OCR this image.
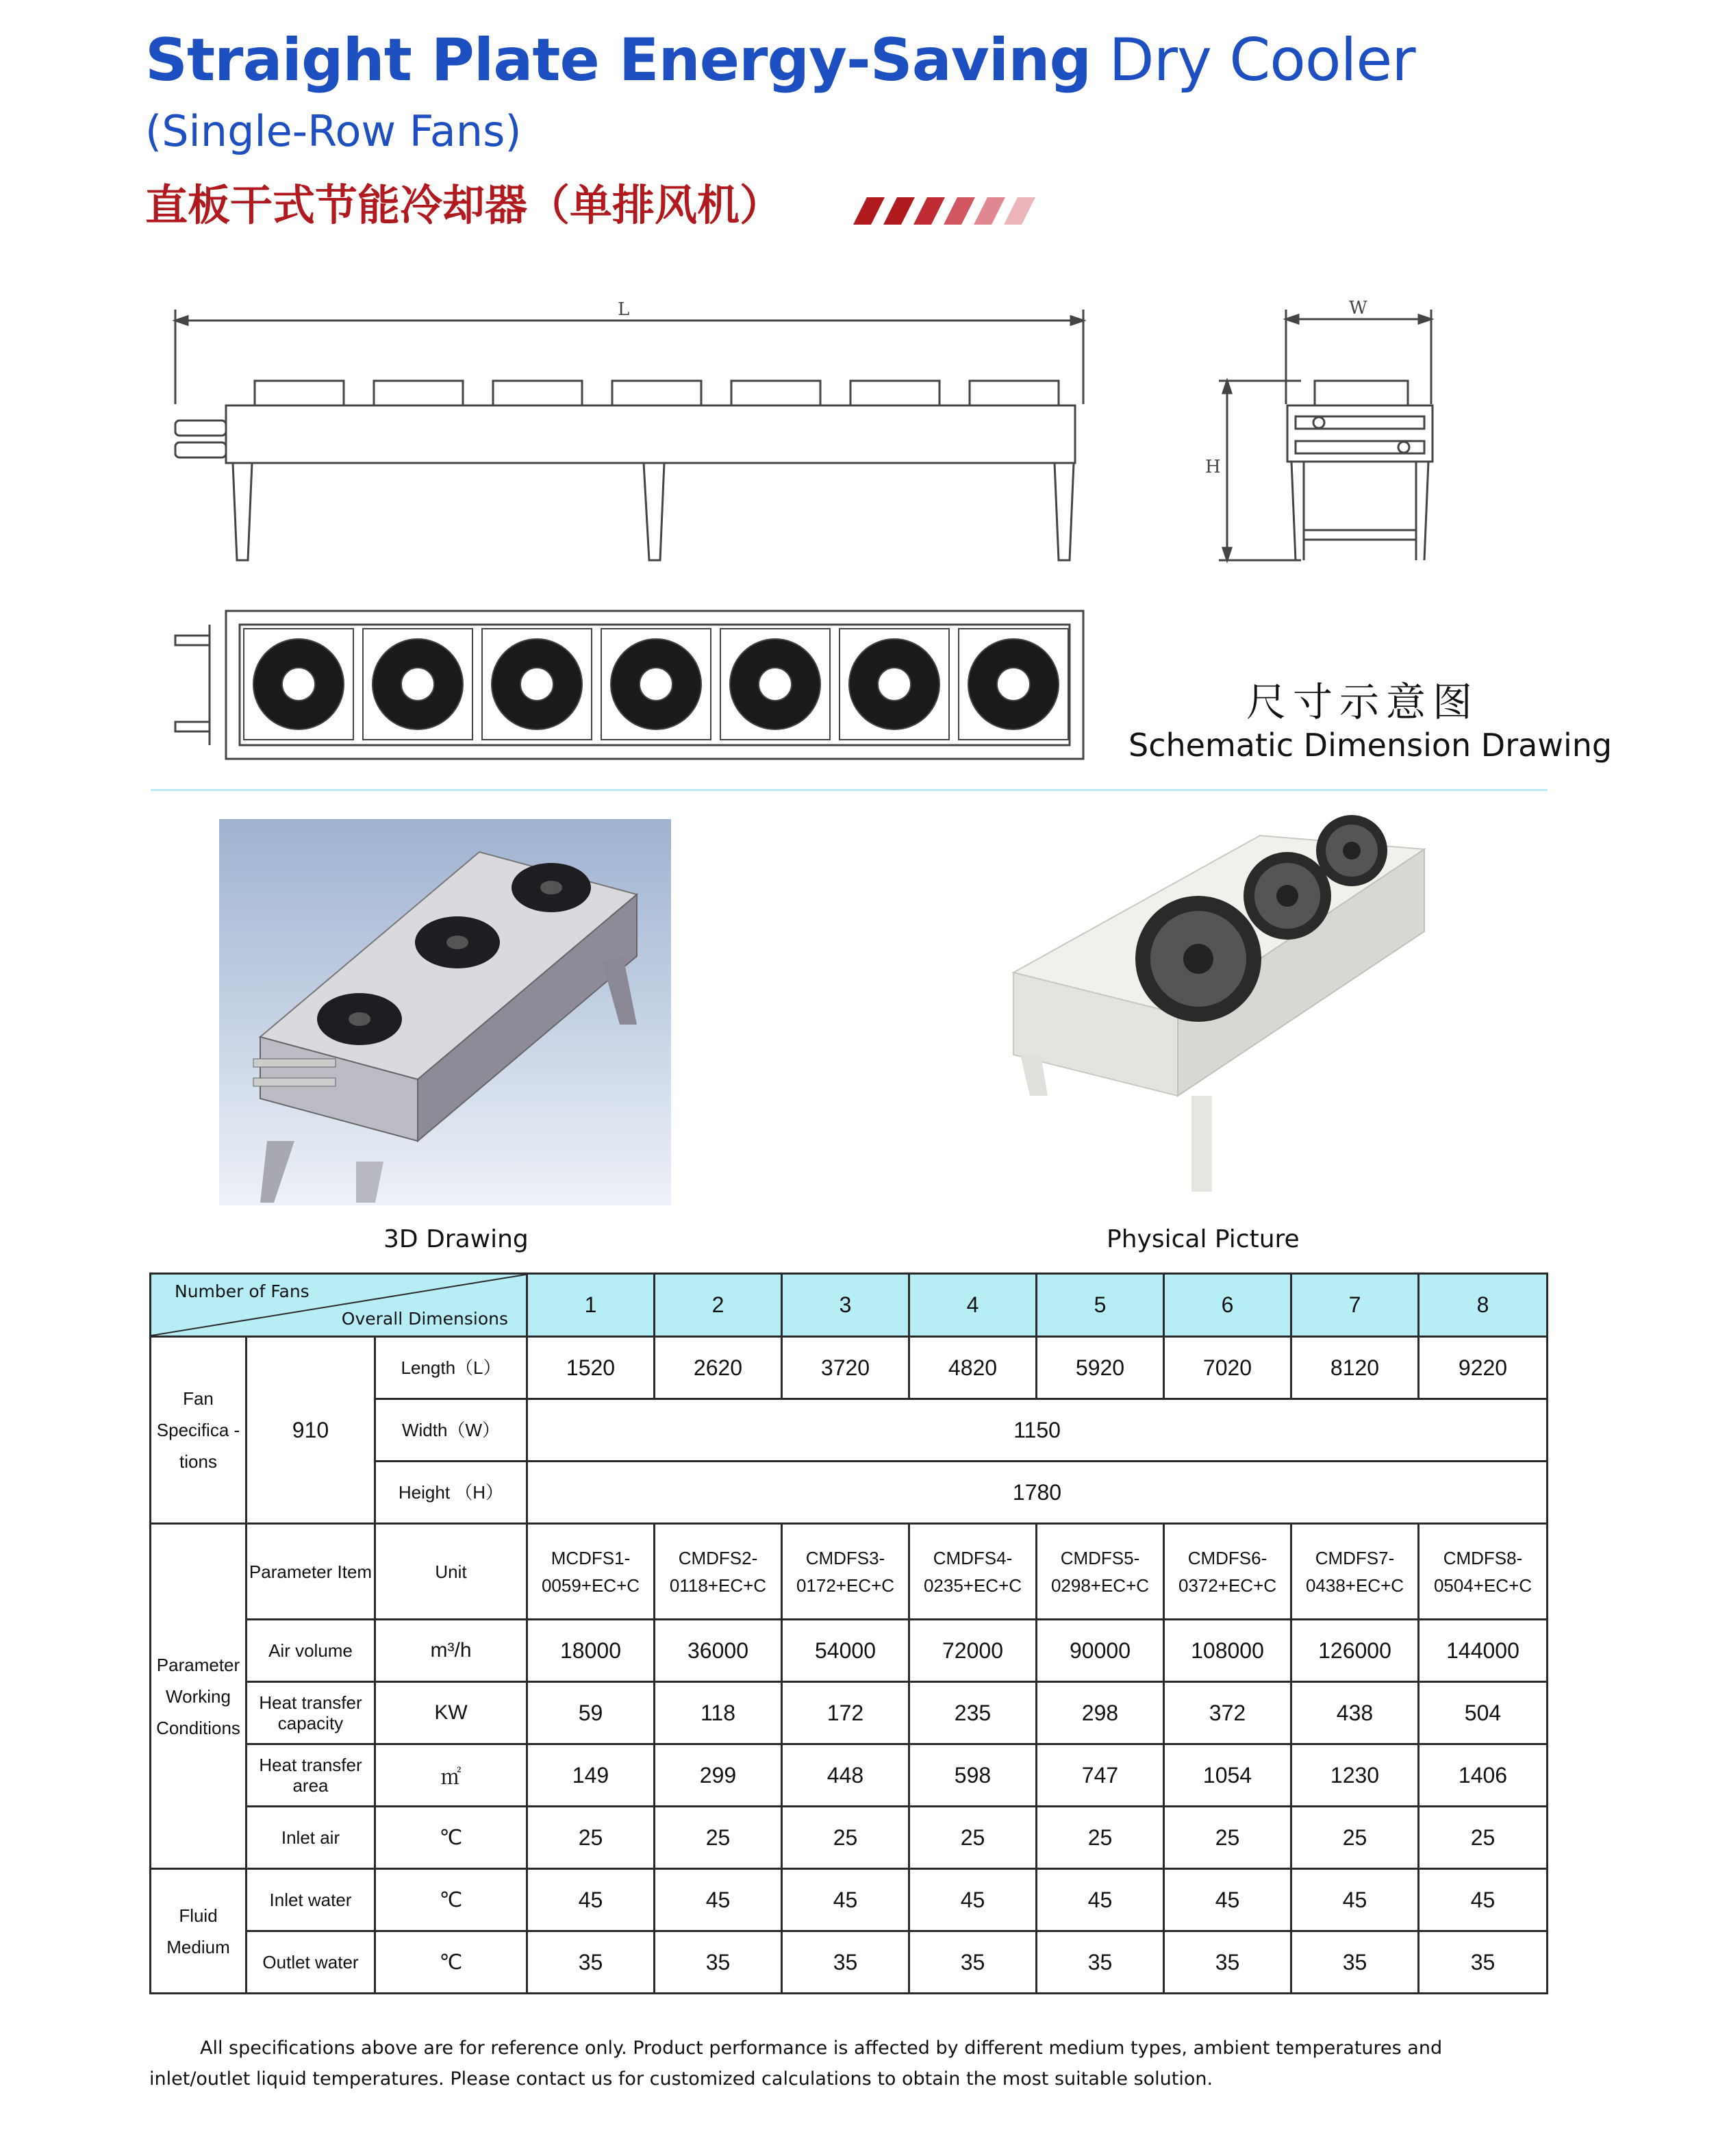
Straight Plate Energy-Saving Dry Cooler
(Single-Row Fans)
直板干式节能冷却器（单排风机）
L	W
H
尺寸示意图
Schematic Dimension Drawing
3D Drawing	Physical Picture
Number of Fans
Overall Dimensions			1	2	3	4	5	6	7	8
Fan Specifica -tions	910	Length（L）	1520	2620	3720	4820	5920	7020	8120	9220
		Width（W）	1150							
		Height （H）	1780							
Parameter Working Conditions	Parameter Item	Unit	MCDFS1-0059+EC+C	CMDFS2-0118+EC+C	CMDFS3-0172+EC+C	CMDFS4-0235+EC+C	CMDFS5-0298+EC+C	CMDFS6-0372+EC+C	CMDFS7-0438+EC+C	CMDFS8-0504+EC+C
	Air volume	m³/h	18000	36000	54000	72000	90000	108000	126000	144000
	Heat transfer capacity	KW	59	118	172	235	298	372	438	504
	Heat transfer area	㎡	149	299	448	598	747	1054	1230	1406
	Inlet air	℃	25	25	25	25	25	25	25	25
Fluid Medium	Inlet water	℃	45	45	45	45	45	45	45	45
	Outlet water	℃	35	35	35	35	35	35	35	35
All specifications above are for reference only. Product performance is affected by different medium types, ambient temperatures and inlet/outlet liquid temperatures. Please contact us for customized calculations to obtain the most suitable solution.
